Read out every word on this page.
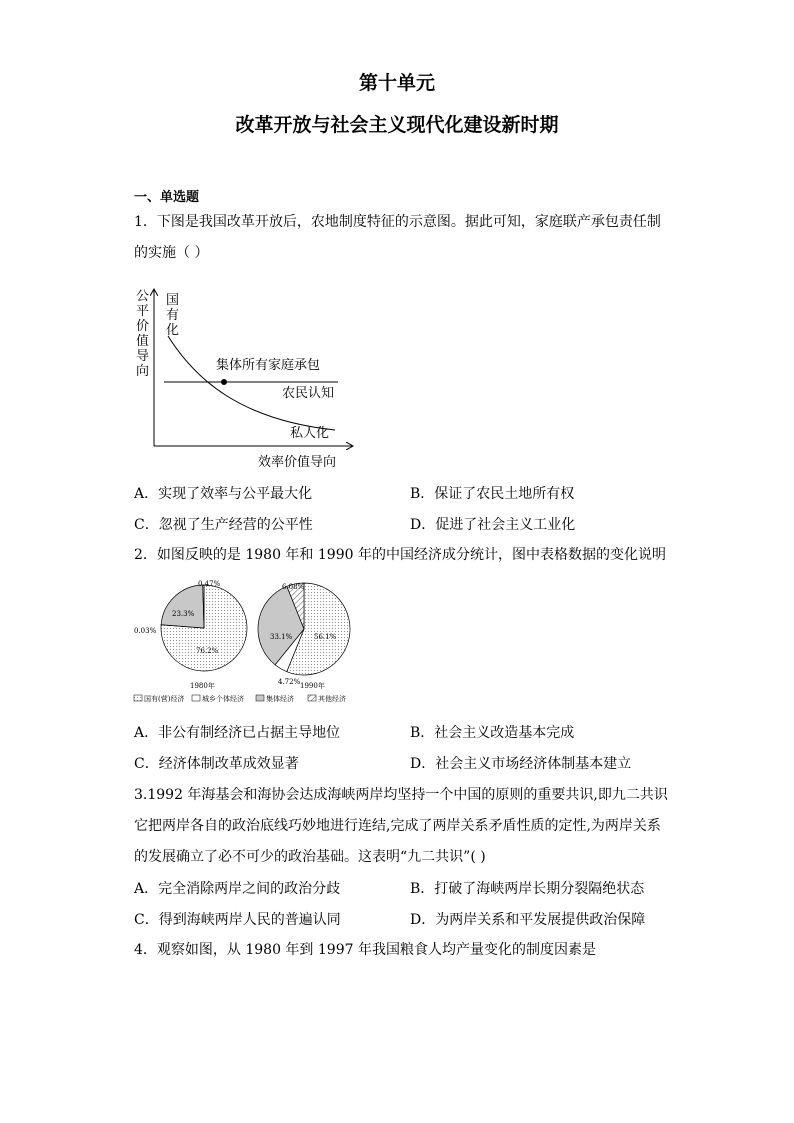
第十单元
改革开放与社会主义现代化建设新时期
一、单选题
1．下图是我国改革开放后，农地制度特征的示意图。据此可知，家庭联产承包责任制
的实施（ ）
公
平
价
值
导
向
国
有
化
集体所有家庭承包
农民认知
私人化
效率价值导向
A．实现了效率与公平最大化	B．保证了农民土地所有权
C．忽视了生产经营的公平性	D．促进了社会主义工业化
2．如图反映的是 1980 年和 1990 年的中国经济成分统计，图中表格数据的变化说明
0.47%
23.3%
0.03%
76.2%
1980年
6.08%
33.1%	56.1%
4.72% 1990年
国有(营)经济	城乡个体经济	集体经济	其他经济
A．非公有制经济已占据主导地位	B．社会主义改造基本完成
C．经济体制改革成效显著	D．社会主义市场经济体制基本建立
3.1992 年海基会和海协会达成海峡两岸均坚持一个中国的原则的重要共识,即九二共识
它把两岸各自的政治底线巧妙地进行连结,完成了两岸关系矛盾性质的定性,为两岸关系
的发展确立了必不可少的政治基础。这表明“九二共识”( )
A．完全消除两岸之间的政治分歧	B．打破了海峡两岸长期分裂隔绝状态
C．得到海峡两岸人民的普遍认同	D．为两岸关系和平发展提供政治保障
4．观察如图，从 1980 年到 1997 年我国粮食人均产量变化的制度因素是
